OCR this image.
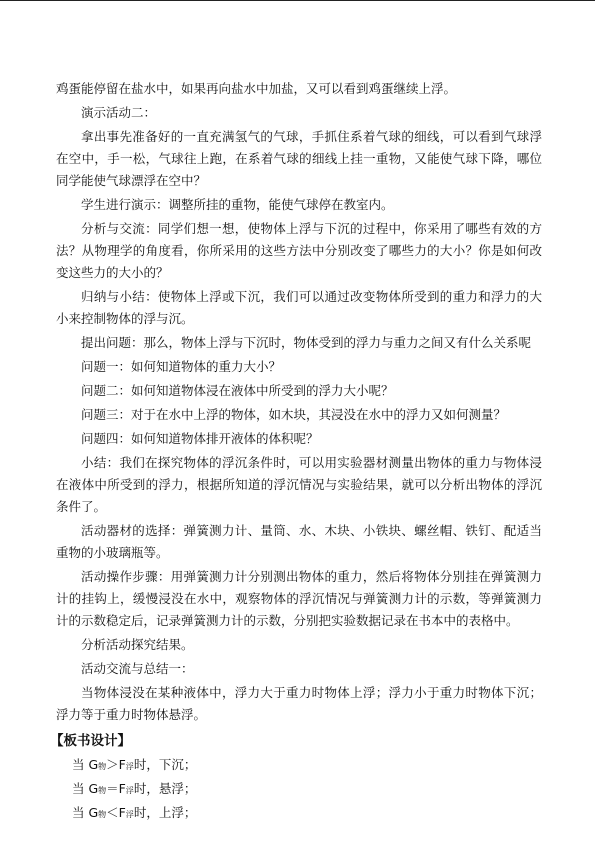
鸡蛋能停留在盐水中，如果再向盐水中加盐，又可以看到鸡蛋继续上浮。

演示活动二：

拿出事先准备好的一直充满氢气的气球，手抓住系着气球的细线，可以看到气球浮在空中，手一松，气球往上跑，在系着气球的细线上挂一重物，又能使气球下降，哪位同学能使气球漂浮在空中？

学生进行演示：调整所挂的重物，能使气球停在教室内。

分析与交流：同学们想一想，使物体上浮与下沉的过程中，你采用了哪些有效的方法？从物理学的角度看，你所采用的这些方法中分别改变了哪些力的大小？你是如何改变这些力的大小的？

归纳与小结：使物体上浮或下沉，我们可以通过改变物体所受到的重力和浮力的大小来控制物体的浮与沉。

提出问题：那么，物体上浮与下沉时，物体受到的浮力与重力之间又有什么关系呢

问题一：如何知道物体的重力大小？

问题二：如何知道物体浸在液体中所受到的浮力大小呢？

问题三：对于在水中上浮的物体，如木块，其浸没在水中的浮力又如何测量？

问题四：如何知道物体排开液体的体积呢？

小结：我们在探究物体的浮沉条件时，可以用实验器材测量出物体的重力与物体浸在液体中所受到的浮力，根据所知道的浮沉情况与实验结果，就可以分析出物体的浮沉条件了。

活动器材的选择：弹簧测力计、量筒、水、木块、小铁块、螺丝帽、铁钉、配适当重物的小玻璃瓶等。

活动操作步骤：用弹簧测力计分别测出物体的重力，然后将物体分别挂在弹簧测力计的挂钩上，缓慢浸没在水中，观察物体的浮沉情况与弹簧测力计的示数，等弹簧测力计的示数稳定后，记录弹簧测力计的示数，分别把实验数据记录在书本中的表格中。

分析活动探究结果。

活动交流与总结一：

当物体浸没在某种液体中，浮力大于重力时物体上浮；浮力小于重力时物体下沉；浮力等于重力时物体悬浮。

【板书设计】
当 G物＞F浮时，下沉；
当 G物＝F浮时，悬浮；
当 G物＜F浮时，上浮；
